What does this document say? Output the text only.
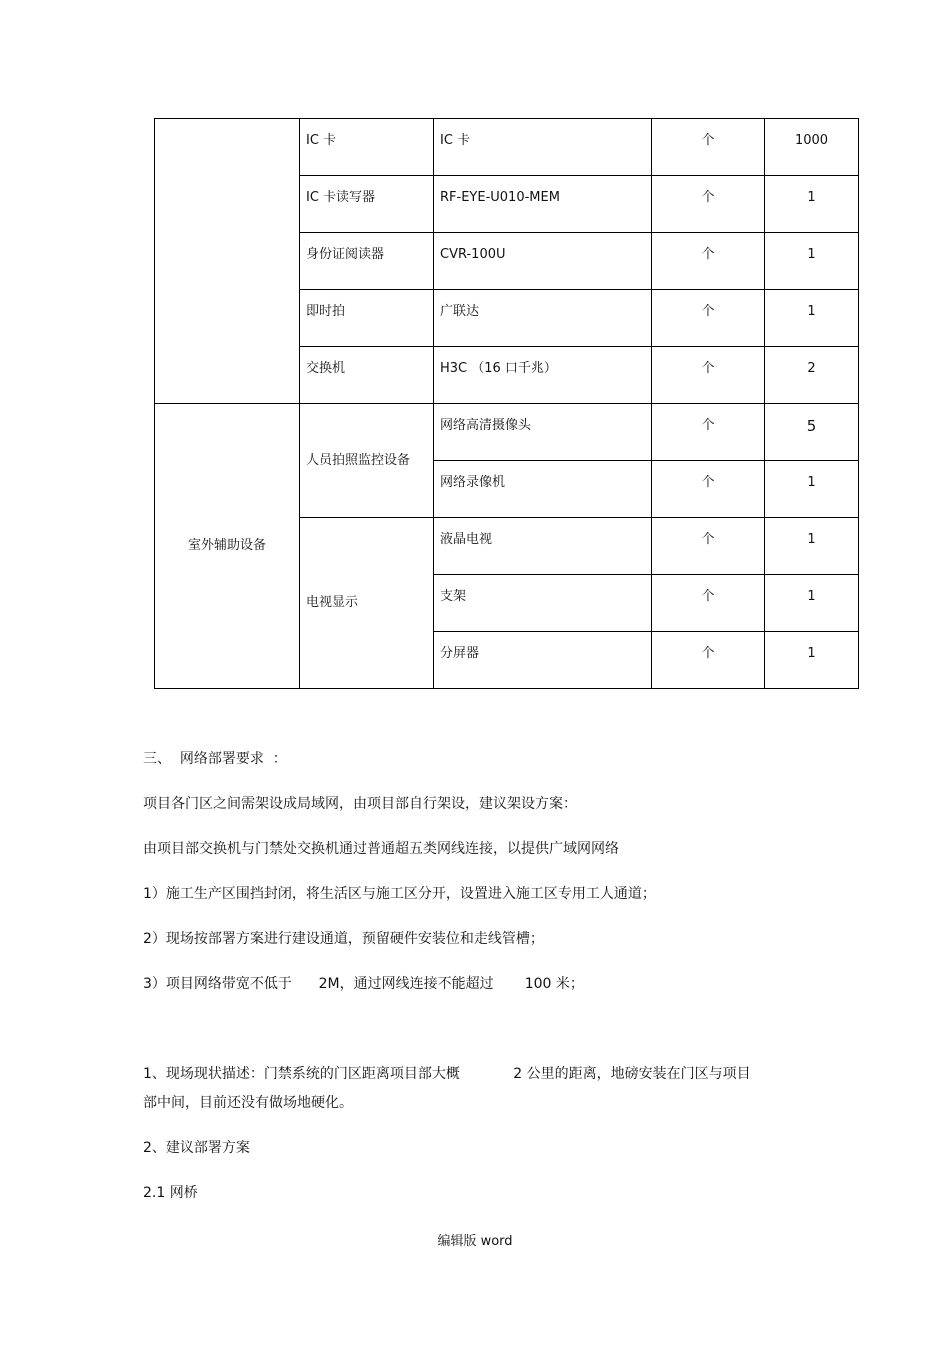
	IC 卡	IC 卡	个	1000
	IC 卡读写器	RF-EYE-U010-MEM	个	1
	身份证阅读器	CVR-100U	个	1
	即时拍	广联达	个	1
	交换机	H3C （16 口千兆）	个	2
室外辅助设备	人员拍照监控设备	网络高清摄像头	个	5
		网络录像机	个	1
	电视显示	液晶电视	个	1
		支架	个	1
		分屏器	个	1
三、  网络部署要求  ：
项目各门区之间需架设成局域网，由项目部自行架设，建议架设方案：
由项目部交换机与门禁处交换机通过普通超五类网线连接，以提供广域网网络
1）施工生产区围挡封闭，将生活区与施工区分开，设置进入施工区专用工人通道；
2）现场按部署方案进行建设通道，预留硬件安装位和走线管槽；
3）项目网络带宽不低于      2M，通过网线连接不能超过       100 米；
1、现场现状描述：门禁系统的门区距离项目部大概            2 公里的距离，地磅安装在门区与项目
部中间，目前还没有做场地硬化。
2、建议部署方案
2.1 网桥
编辑版 word
